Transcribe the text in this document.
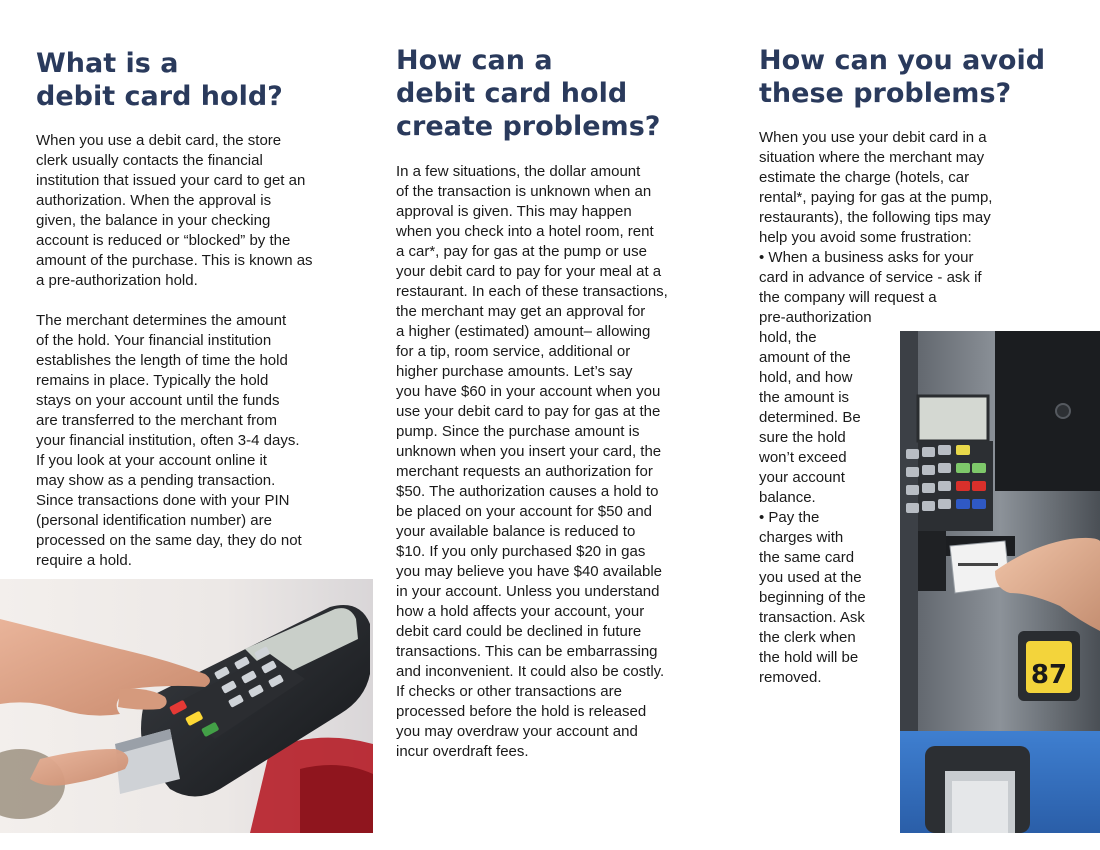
What is a
debit card hold?
When you use a debit card, the store
clerk usually contacts the financial
institution that issued your card to get an
authorization. When the approval is
given, the balance in your checking
account is reduced or “blocked” by the
amount of the purchase. This is known as
a pre-authorization hold.
The merchant determines the amount
of the hold. Your financial institution
establishes the length of time the hold
remains in place. Typically the hold
stays on your account until the funds
are transferred to the merchant from
your financial institution, often 3-4 days.
If you look at your account online it
may show as a pending transaction.
Since transactions done with your PIN
(personal identification number) are
processed on the same day, they do not
require a hold.
How can a
debit card hold
create problems?
In a few situations, the dollar amount
of the transaction is unknown when an
approval is given. This may happen
when you check into a hotel room, rent
a car*, pay for gas at the pump or use
your debit card to pay for your meal at a
restaurant. In each of these transactions,
the merchant may get an approval for
a higher (estimated) amount– allowing
for a tip, room service, additional or
higher purchase amounts. Let’s say
you have $60 in your account when you
use your debit card to pay for gas at the
pump. Since the purchase amount is
unknown when you insert your card, the
merchant requests an authorization for
$50. The authorization causes a hold to
be placed on your account for $50 and
your available balance is reduced to
$10. If you only purchased $20 in gas
you may believe you have $40 available
in your account. Unless you understand
how a hold affects your account, your
debit card could be declined in future
transactions. This can be embarrassing
and inconvenient. It could also be costly.
If checks or other transactions are
processed before the hold is released
you may overdraw your account and
incur overdraft fees.
How can you avoid
these problems?
When you use your debit card in a
situation where the merchant may
estimate the charge (hotels, car
rental*, paying for gas at the pump,
restaurants), the following tips may
help you avoid some frustration:
• When a business asks for your
card in advance of service - ask if
the company will request a
pre-authorization
hold, the
amount of the
hold, and how
the amount is
determined. Be
sure the hold
won’t exceed
your account
balance.
• Pay the
charges with
the same card
you used at the
beginning of the
transaction. Ask
the clerk when
the hold will be
removed.	87
